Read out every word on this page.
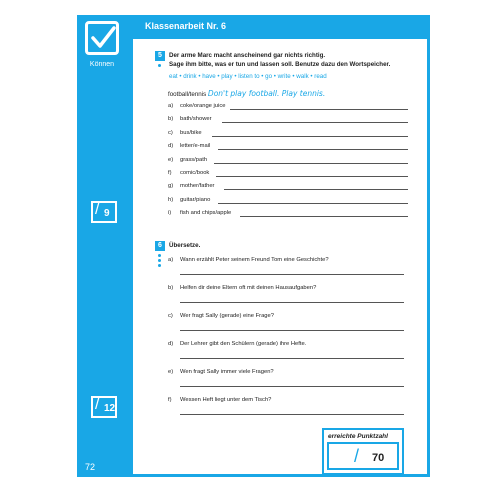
Können
/ 9
/ 12
72
Klassenarbeit Nr. 6
5	Der arme Marc macht anscheinend gar nichts richtig.
Sage ihm bitte, was er tun und lassen soll. Benutze dazu den Wortspeicher.
eat • drink • have • play • listen to • go • write • walk • read
football/tennis Don't play football. Play tennis.
a) coke/orange juice
b) bath/shower
c) bus/bike
d) letter/e-mail
e) grass/path
f) comic/book
g) mother/father
h) guitar/piano
i) fish and chips/apple
6	Übersetze.
a) Wann erzählt Peter seinem Freund Tom eine Geschichte?
b) Helfen dir deine Eltern oft mit deinen Hausaufgaben?
c) Wer fragt Sally (gerade) eine Frage?
d) Der Lehrer gibt den Schülern (gerade) ihre Hefte.
e) Wen fragt Sally immer viele Fragen?
f) Wessen Heft liegt unter dem Tisch?
erreichte Punktzahl
/ 70
